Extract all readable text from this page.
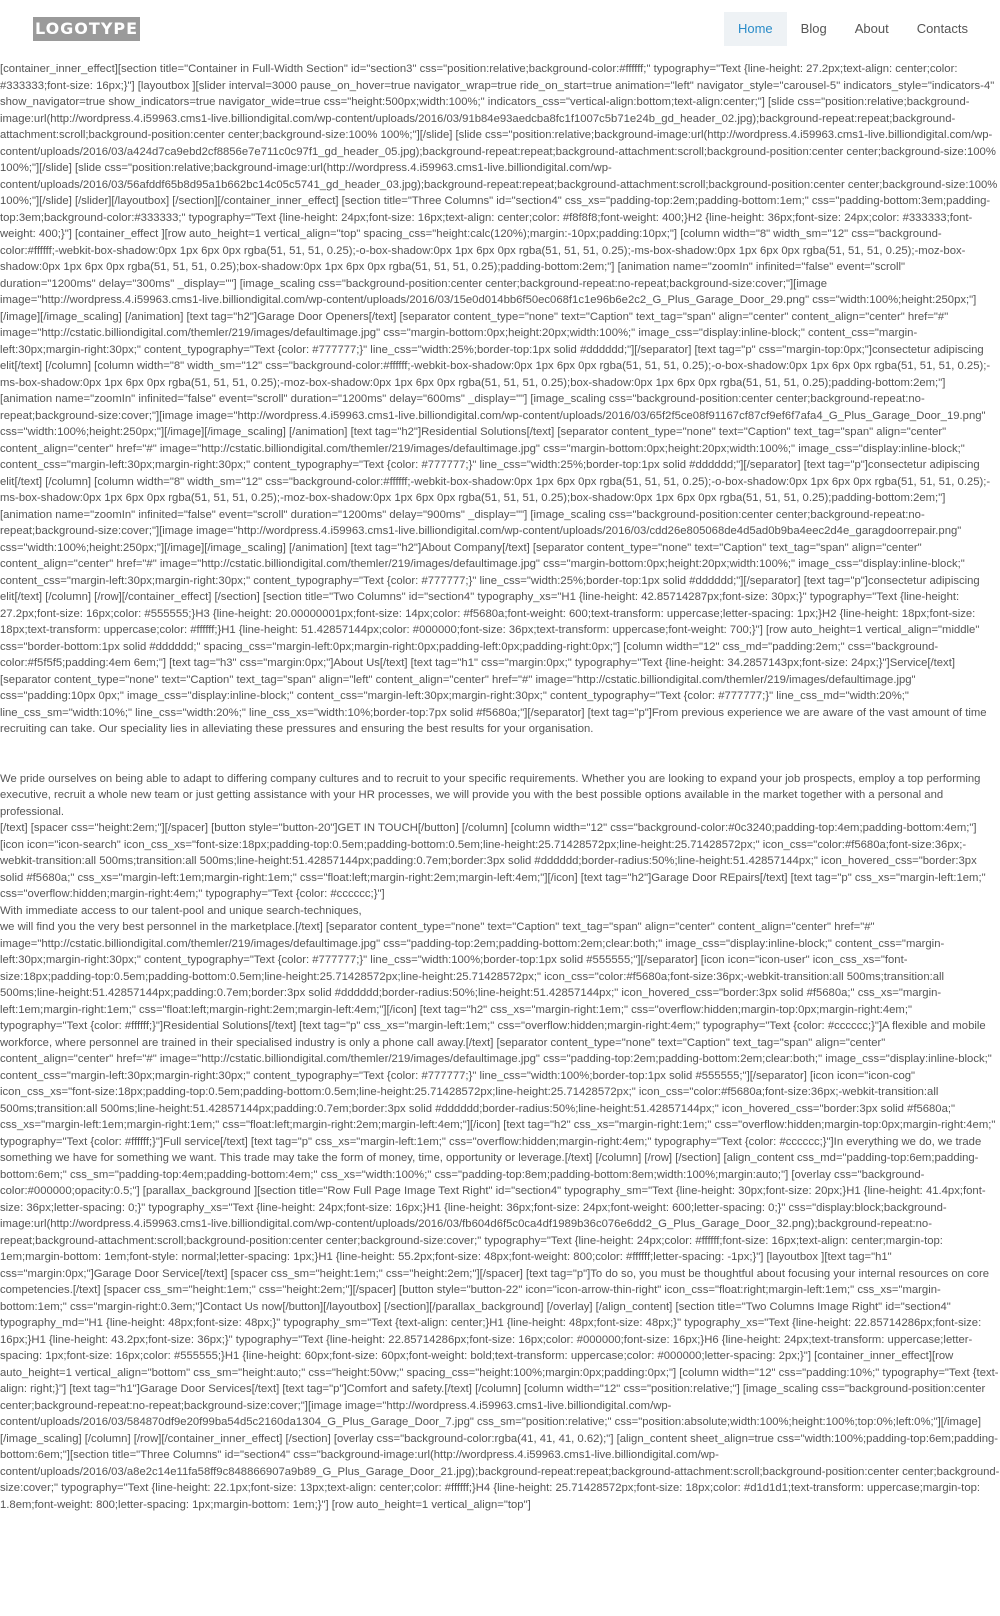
LOGOTYPE	Home	Blog	About	Contacts

[container_inner_effect][section title="Container in Full-Width Section" id="section3" css="position:relative;background-color:#ffffff;" typography="Text {line-height: 27.2px;text-align: center;color: #333333;font-size: 16px;}"] [layoutbox ][slider interval=3000 pause_on_hover=true navigator_wrap=true ride_on_start=true animation="left" navigator_style="carousel-5" indicators_style="indicators-4" show_navigator=true show_indicators=true navigator_wide=true css="height:500px;width:100%;" indicators_css="vertical-align:bottom;text-align:center;"] [slide css="position:relative;background-image:url(http://wordpress.4.i59963.cms1-live.billiondigital.com/wp-content/uploads/2016/03/91b84e93aedcba8fc1f1007c5b71e24b_gd_header_02.jpg);background-repeat:repeat;background-attachment:scroll;background-position:center center;background-size:100% 100%;"][/slide] [slide css="position:relative;background-image:url(http://wordpress.4.i59963.cms1-live.billiondigital.com/wp-content/uploads/2016/03/a424d7ca9ebd2cf8856e7e711c0c97f1_gd_header_05.jpg);background-repeat:repeat;background-attachment:scroll;background-position:center center;background-size:100% 100%;"][/slide] [slide css="position:relative;background-image:url(http://wordpress.4.i59963.cms1-live.billiondigital.com/wp-content/uploads/2016/03/56afddf65b8d95a1b662bc14c05c5741_gd_header_03.jpg);background-repeat:repeat;background-attachment:scroll;background-position:center center;background-size:100% 100%;"][/slide] [/slider][/layoutbox] [/section][/container_inner_effect] [section title="Three Columns" id="section4" css_xs="padding-top:2em;padding-bottom:1em;" css="padding-bottom:3em;padding-top:3em;background-color:#333333;" typography="Text {line-height: 24px;font-size: 16px;text-align: center;color: #f8f8f8;font-weight: 400;}H2 {line-height: 36px;font-size: 24px;color: #333333;font-weight: 400;}"] [container_effect ][row auto_height=1 vertical_align="top" spacing_css="height:calc(120%);margin:-10px;padding:10px;"] [column width="8" width_sm="12" css="background-color:#ffffff;-webkit-box-shadow:0px 1px 6px 0px rgba(51, 51, 51, 0.25);-o-box-shadow:0px 1px 6px 0px rgba(51, 51, 51, 0.25);-ms-box-shadow:0px 1px 6px 0px rgba(51, 51, 51, 0.25);-moz-box-shadow:0px 1px 6px 0px rgba(51, 51, 51, 0.25);box-shadow:0px 1px 6px 0px rgba(51, 51, 51, 0.25);padding-bottom:2em;"] [animation name="zoomIn" infinited="false" event="scroll" duration="1200ms" delay="300ms" _display=""] [image_scaling css="background-position:center center;background-repeat:no-repeat;background-size:cover;"][image image="http://wordpress.4.i59963.cms1-live.billiondigital.com/wp-content/uploads/2016/03/15e0d014bb6f50ec068f1c1e96b6e2c2_G_Plus_Garage_Door_29.png" css="width:100%;height:250px;"][/image][/image_scaling] [/animation] [text tag="h2"]Garage Door Openers[/text] [separator content_type="none" text="Caption" text_tag="span" align="center" content_align="center" href="#" image="http://cstatic.billiondigital.com/themler/219/images/defaultimage.jpg" css="margin-bottom:0px;height:20px;width:100%;" image_css="display:inline-block;" content_css="margin-left:30px;margin-right:30px;" content_typography="Text {color: #777777;}" line_css="width:25%;border-top:1px solid #dddddd;"][/separator] [text tag="p" css="margin-top:0px;"]consectetur adipiscing elit[/text] [/column] [column width="8" width_sm="12" css="background-color:#ffffff;-webkit-box-shadow:0px 1px 6px 0px rgba(51, 51, 51, 0.25);-o-box-shadow:0px 1px 6px 0px rgba(51, 51, 51, 0.25);-ms-box-shadow:0px 1px 6px 0px rgba(51, 51, 51, 0.25);-moz-box-shadow:0px 1px 6px 0px rgba(51, 51, 51, 0.25);box-shadow:0px 1px 6px 0px rgba(51, 51, 51, 0.25);padding-bottom:2em;"] [animation name="zoomIn" infinited="false" event="scroll" duration="1200ms" delay="600ms" _display=""] [image_scaling css="background-position:center center;background-repeat:no-repeat;background-size:cover;"][image image="http://wordpress.4.i59963.cms1-live.billiondigital.com/wp-content/uploads/2016/03/65f2f5ce08f91167cf87cf9ef6f7afa4_G_Plus_Garage_Door_19.png" css="width:100%;height:250px;"][/image][/image_scaling] [/animation] [text tag="h2"]Residential Solutions[/text] [separator content_type="none" text="Caption" text_tag="span" align="center" content_align="center" href="#" image="http://cstatic.billiondigital.com/themler/219/images/defaultimage.jpg" css="margin-bottom:0px;height:20px;width:100%;" image_css="display:inline-block;" content_css="margin-left:30px;margin-right:30px;" content_typography="Text {color: #777777;}" line_css="width:25%;border-top:1px solid #dddddd;"][/separator] [text tag="p"]consectetur adipiscing elit[/text] [/column] [column width="8" width_sm="12" css="background-color:#ffffff;-webkit-box-shadow:0px 1px 6px 0px rgba(51, 51, 51, 0.25);-o-box-shadow:0px 1px 6px 0px rgba(51, 51, 51, 0.25);-ms-box-shadow:0px 1px 6px 0px rgba(51, 51, 51, 0.25);-moz-box-shadow:0px 1px 6px 0px rgba(51, 51, 51, 0.25);box-shadow:0px 1px 6px 0px rgba(51, 51, 51, 0.25);padding-bottom:2em;"] [animation name="zoomIn" infinited="false" event="scroll" duration="1200ms" delay="900ms" _display=""] [image_scaling css="background-position:center center;background-repeat:no-repeat;background-size:cover;"][image image="http://wordpress.4.i59963.cms1-live.billiondigital.com/wp-content/uploads/2016/03/cdd26e805068de4d5ad0b9ba4eec2d4e_garagdoorrepair.png" css="width:100%;height:250px;"][/image][/image_scaling] [/animation] [text tag="h2"]About Company[/text] [separator content_type="none" text="Caption" text_tag="span" align="center" content_align="center" href="#" image="http://cstatic.billiondigital.com/themler/219/images/defaultimage.jpg" css="margin-bottom:0px;height:20px;width:100%;" image_css="display:inline-block;" content_css="margin-left:30px;margin-right:30px;" content_typography="Text {color: #777777;}" line_css="width:25%;border-top:1px solid #dddddd;"][/separator] [text tag="p"]consectetur adipiscing elit[/text] [/column] [/row][/container_effect] [/section] [section title="Two Columns" id="section4" typography_xs="H1 {line-height: 42.85714287px;font-size: 30px;}" typography="Text {line-height: 27.2px;font-size: 16px;color: #555555;}H3 {line-height: 20.00000001px;font-size: 14px;color: #f5680a;font-weight: 600;text-transform: uppercase;letter-spacing: 1px;}H2 {line-height: 18px;font-size: 18px;text-transform: uppercase;color: #ffffff;}H1 {line-height: 51.42857144px;color: #000000;font-size: 36px;text-transform: uppercase;font-weight: 700;}"] [row auto_height=1 vertical_align="middle" css="border-bottom:1px solid #dddddd;" spacing_css="margin-left:0px;margin-right:0px;padding-left:0px;padding-right:0px;"] [column width="12" css_md="padding:2em;" css="background-color:#f5f5f5;padding:4em 6em;"] [text tag="h3" css="margin:0px;"]About Us[/text] [text tag="h1" css="margin:0px;" typography="Text {line-height: 34.2857143px;font-size: 24px;}"]Service[/text] [separator content_type="none" text="Caption" text_tag="span" align="left" content_align="center" href="#" image="http://cstatic.billiondigital.com/themler/219/images/defaultimage.jpg" css="padding:10px 0px;" image_css="display:inline-block;" content_css="margin-left:30px;margin-right:30px;" content_typography="Text {color: #777777;}" line_css_md="width:20%;" line_css_sm="width:10%;" line_css="width:20%;" line_css_xs="width:10%;border-top:7px solid #f5680a;"][/separator] [text tag="p"]From previous experience we are aware of the vast amount of time recruiting can take. Our speciality lies in alleviating these pressures and ensuring the best results for your organisation.

We pride ourselves on being able to adapt to differing company cultures and to recruit to your specific requirements. Whether you are looking to expand your job prospects, employ a top performing executive, recruit a whole new team or just getting assistance with your HR processes, we will provide you with the best possible options available in the market together with a personal and professional.

[/text] [spacer css="height:2em;"][/spacer] [button style="button-20"]GET IN TOUCH[/button] [/column] [column width="12" css="background-color:#0c3240;padding-top:4em;padding-bottom:4em;"] [icon icon="icon-search" icon_css_xs="font-size:18px;padding-top:0.5em;padding-bottom:0.5em;line-height:25.71428572px;line-height:25.71428572px;" icon_css="color:#f5680a;font-size:36px;-webkit-transition:all 500ms;transition:all 500ms;line-height:51.42857144px;padding:0.7em;border:3px solid #dddddd;border-radius:50%;line-height:51.42857144px;" icon_hovered_css="border:3px solid #f5680a;" css_xs="margin-left:1em;margin-right:1em;" css="float:left;margin-right:2em;margin-left:4em;"][/icon] [text tag="h2"]Garage Door REpairs[/text] [text tag="p" css_xs="margin-left:1em;" css="overflow:hidden;margin-right:4em;" typography="Text {color: #cccccc;}"]

With immediate access to our talent-pool and unique search-techniques,

we will find you the very best personnel in the marketplace.[/text] [separator content_type="none" text="Caption" text_tag="span" align="center" content_align="center" href="#" image="http://cstatic.billiondigital.com/themler/219/images/defaultimage.jpg" css="padding-top:2em;padding-bottom:2em;clear:both;" image_css="display:inline-block;" content_css="margin-left:30px;margin-right:30px;" content_typography="Text {color: #777777;}" line_css="width:100%;border-top:1px solid #555555;"][/separator] [icon icon="icon-user" icon_css_xs="font-size:18px;padding-top:0.5em;padding-bottom:0.5em;line-height:25.71428572px;line-height:25.71428572px;" icon_css="color:#f5680a;font-size:36px;-webkit-transition:all 500ms;transition:all 500ms;line-height:51.42857144px;padding:0.7em;border:3px solid #dddddd;border-radius:50%;line-height:51.42857144px;" icon_hovered_css="border:3px solid #f5680a;" css_xs="margin-left:1em;margin-right:1em;" css="float:left;margin-right:2em;margin-left:4em;"][/icon] [text tag="h2" css_xs="margin-right:1em;" css="overflow:hidden;margin-top:0px;margin-right:4em;" typography="Text {color: #ffffff;}"]Residential Solutions[/text] [text tag="p" css_xs="margin-left:1em;" css="overflow:hidden;margin-right:4em;" typography="Text {color: #cccccc;}"]A flexible and mobile workforce, where personnel are trained in their specialised industry is only a phone call away.[/text] [separator content_type="none" text="Caption" text_tag="span" align="center" content_align="center" href="#" image="http://cstatic.billiondigital.com/themler/219/images/defaultimage.jpg" css="padding-top:2em;padding-bottom:2em;clear:both;" image_css="display:inline-block;" content_css="margin-left:30px;margin-right:30px;" content_typography="Text {color: #777777;}" line_css="width:100%;border-top:1px solid #555555;"][/separator] [icon icon="icon-cog" icon_css_xs="font-size:18px;padding-top:0.5em;padding-bottom:0.5em;line-height:25.71428572px;line-height:25.71428572px;" icon_css="color:#f5680a;font-size:36px;-webkit-transition:all 500ms;transition:all 500ms;line-height:51.42857144px;padding:0.7em;border:3px solid #dddddd;border-radius:50%;line-height:51.42857144px;" icon_hovered_css="border:3px solid #f5680a;" css_xs="margin-left:1em;margin-right:1em;" css="float:left;margin-right:2em;margin-left:4em;"][/icon] [text tag="h2" css_xs="margin-right:1em;" css="overflow:hidden;margin-top:0px;margin-right:4em;" typography="Text {color: #ffffff;}"]Full service[/text] [text tag="p" css_xs="margin-left:1em;" css="overflow:hidden;margin-right:4em;" typography="Text {color: #cccccc;}"]In everything we do, we trade something we have for something we want. This trade may take the form of money, time, opportunity or leverage.[/text] [/column] [/row] [/section] [align_content css_md="padding-top:6em;padding-bottom:6em;" css_sm="padding-top:4em;padding-bottom:4em;" css_xs="width:100%;" css="padding-top:8em;padding-bottom:8em;width:100%;margin:auto;"] [overlay css="background-color:#000000;opacity:0.5;"] [parallax_background ][section title="Row Full Page Image Text Right" id="section4" typography_sm="Text {line-height: 30px;font-size: 20px;}H1 {line-height: 41.4px;font-size: 36px;letter-spacing: 0;}" typography_xs="Text {line-height: 24px;font-size: 16px;}H1 {line-height: 36px;font-size: 24px;font-weight: 600;letter-spacing: 0;}" css="display:block;background-image:url(http://wordpress.4.i59963.cms1-live.billiondigital.com/wp-content/uploads/2016/03/fb604d6f5c0ca4df1989b36c076e6dd2_G_Plus_Garage_Door_32.png);background-repeat:no-repeat;background-attachment:scroll;background-position:center center;background-size:cover;" typography="Text {line-height: 24px;color: #ffffff;font-size: 16px;text-align: center;margin-top: 1em;margin-bottom: 1em;font-style: normal;letter-spacing: 1px;}H1 {line-height: 55.2px;font-size: 48px;font-weight: 800;color: #ffffff;letter-spacing: -1px;}"] [layoutbox ][text tag="h1" css="margin:0px;"]Garage Door Service[/text] [spacer css_sm="height:1em;" css="height:2em;"][/spacer] [text tag="p"]To do so, you must be thoughtful about focusing your internal resources on core competencies.[/text] [spacer css_sm="height:1em;" css="height:2em;"][/spacer] [button style="button-22" icon="icon-arrow-thin-right" icon_css="float:right;margin-left:1em;" css_xs="margin-bottom:1em;" css="margin-right:0.3em;"]Contact Us now[/button][/layoutbox] [/section][/parallax_background] [/overlay] [/align_content] [section title="Two Columns Image Right" id="section4" typography_md="H1 {line-height: 48px;font-size: 48px;}" typography_sm="Text {text-align: center;}H1 {line-height: 48px;font-size: 48px;}" typography_xs="Text {line-height: 22.85714286px;font-size: 16px;}H1 {line-height: 43.2px;font-size: 36px;}" typography="Text {line-height: 22.85714286px;font-size: 16px;color: #000000;font-size: 16px;}H6 {line-height: 24px;text-transform: uppercase;letter-spacing: 1px;font-size: 16px;color: #555555;}H1 {line-height: 60px;font-size: 60px;font-weight: bold;text-transform: uppercase;color: #000000;letter-spacing: 2px;}"] [container_inner_effect][row auto_height=1 vertical_align="bottom" css_sm="height:auto;" css="height:50vw;" spacing_css="height:100%;margin:0px;padding:0px;"] [column width="12" css="padding:10%;" typography="Text {text-align: right;}"] [text tag="h1"]Garage Door Services[/text] [text tag="p"]Comfort and safety.[/text] [/column] [column width="12" css="position:relative;"] [image_scaling css="background-position:center center;background-repeat:no-repeat;background-size:cover;"][image image="http://wordpress.4.i59963.cms1-live.billiondigital.com/wp-content/uploads/2016/03/584870df9e20f99ba54d5c2160da1304_G_Plus_Garage_Door_7.jpg" css_sm="position:relative;" css="position:absolute;width:100%;height:100%;top:0%;left:0%;"][/image][/image_scaling] [/column] [/row][/container_inner_effect] [/section] [overlay css="background-color:rgba(41, 41, 41, 0.62);"] [align_content sheet_align=true css="width:100%;padding-top:6em;padding-bottom:6em;"][section title="Three Columns" id="section4" css="background-image:url(http://wordpress.4.i59963.cms1-live.billiondigital.com/wp-content/uploads/2016/03/a8e2c14e11fa58ff9c848866907a9b89_G_Plus_Garage_Door_21.jpg);background-repeat:repeat;background-attachment:scroll;background-position:center center;background-size:cover;" typography="Text {line-height: 22.1px;font-size: 13px;text-align: center;color: #ffffff;}H4 {line-height: 25.71428572px;font-size: 18px;color: #d1d1d1;text-transform: uppercase;margin-top: 1.8em;font-weight: 800;letter-spacing: 1px;margin-bottom: 1em;}"] [row auto_height=1 vertical_align="top"]
